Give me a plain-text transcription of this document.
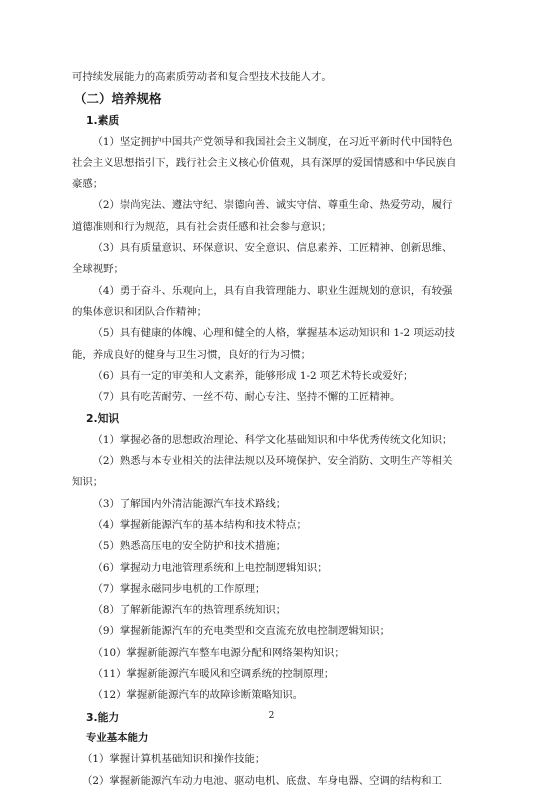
可持续发展能力的高素质劳动者和复合型技术技能人才。
（二）培养规格
1.素质
（1）坚定拥护中国共产党领导和我国社会主义制度，在习近平新时代中国特色
社会主义思想指引下，践行社会主义核心价值观，具有深厚的爱国情感和中华民族自
豪感；
（2）崇尚宪法、遵法守纪、崇德向善、诚实守信、尊重生命、热爱劳动，履行
道德准则和行为规范，具有社会责任感和社会参与意识；
（3）具有质量意识、环保意识、安全意识、信息素养、工匠精神、创新思维、
全球视野；
（4）勇于奋斗、乐观向上，具有自我管理能力、职业生涯规划的意识，有较强
的集体意识和团队合作精神；
（5）具有健康的体魄、心理和健全的人格，掌握基本运动知识和 1-2 项运动技
能，养成良好的健身与卫生习惯，良好的行为习惯；
（6）具有一定的审美和人文素养，能够形成 1-2 项艺术特长或爱好；
（7）具有吃苦耐劳、一丝不苟、耐心专注、坚持不懈的工匠精神。
2.知识
（1）掌握必备的思想政治理论、科学文化基础知识和中华优秀传统文化知识；
（2）熟悉与本专业相关的法律法规以及环境保护、安全消防、文明生产等相关
知识；
（3）了解国内外清洁能源汽车技术路线；
（4）掌握新能源汽车的基本结构和技术特点；
（5）熟悉高压电的安全防护和技术措施；
（6）掌握动力电池管理系统和上电控制逻辑知识；
（7）掌握永磁同步电机的工作原理；
（8）了解新能源汽车的热管理系统知识；
（9）掌握新能源汽车的充电类型和交直流充放电控制逻辑知识；
（10）掌握新能源汽车整车电源分配和网络架构知识；
（11）掌握新能源汽车暖风和空调系统的控制原理；
（12）掌握新能源汽车的故障诊断策略知识。
3.能力
专业基本能力
（1）掌握计算机基础知识和操作技能；
（2）掌握新能源汽车动力电池、驱动电机、底盘、车身电器、空调的结构和工
2
